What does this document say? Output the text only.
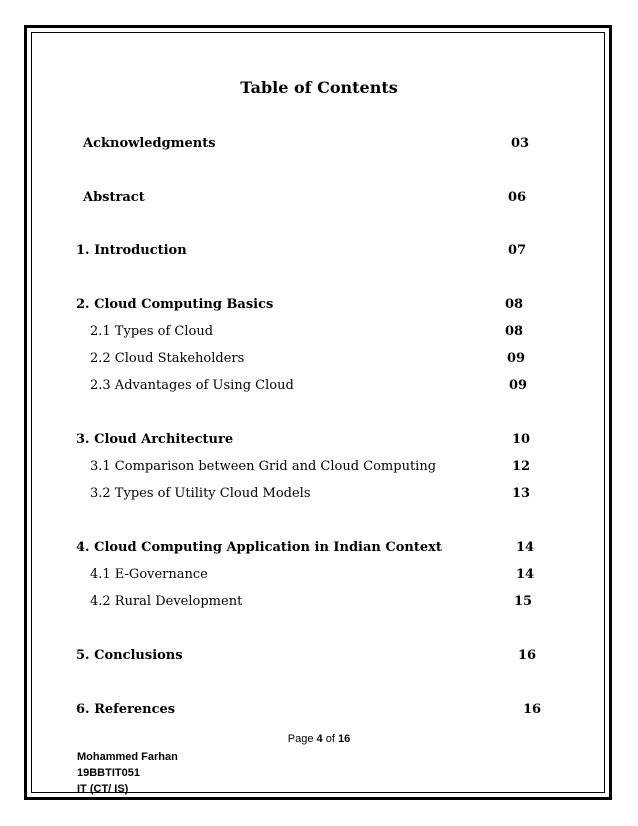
Table of Contents
Acknowledgments	03
Abstract	06
1. Introduction	07
2. Cloud Computing Basics	08
2.1 Types of Cloud	08
2.2 Cloud Stakeholders	09
2.3 Advantages of Using Cloud	09
3. Cloud Architecture	10
3.1 Comparison between Grid and Cloud Computing	12
3.2 Types of Utility Cloud Models	13
4. Cloud Computing Application in Indian Context	14
4.1 E-Governance	14
4.2 Rural Development	15
5. Conclusions	16
6. References	16
Page 4 of 16
Mohammed Farhan
19BBTIT051
IT (CT/ IS)
